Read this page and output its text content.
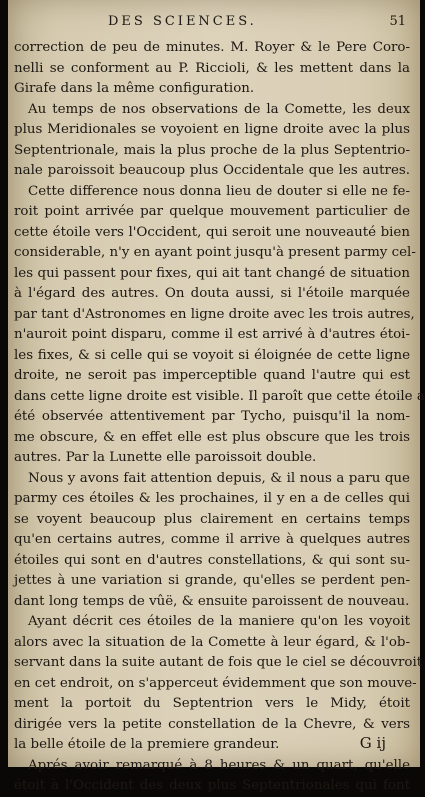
DES SCIENCES.	51
correction de peu de minutes. M. Royer & le Pere Coro-
nelli se conforment au P. Riccioli, & les mettent dans la
Girafe dans la même configuration.
Au temps de nos observations de la Comette, les deux
plus Meridionales se voyoient en ligne droite avec la plus
Septentrionale, mais la plus proche de la plus Septentrio-
nale paroissoit beaucoup plus Occidentale que les autres.
Cette difference nous donna lieu de douter si elle ne fe-
roit point arrivée par quelque mouvement particulier de
cette étoile vers l'Occident, qui seroit une nouveauté bien
considerable, n'y en ayant point jusqu'à present parmy cel-
les qui passent pour fixes, qui ait tant changé de situation
à l'égard des autres. On douta aussi, si l'étoile marquée
par tant d'Astronomes en ligne droite avec les trois autres,
n'auroit point disparu, comme il est arrivé à d'autres étoi-
les fixes, & si celle qui se voyoit si éloignée de cette ligne
droite, ne seroit pas imperceptible quand l'autre qui est
dans cette ligne droite est visible. Il paroît que cette étoile a
été observée attentivement par Tycho, puisqu'il la nom-
me obscure, & en effet elle est plus obscure que les trois
autres. Par la Lunette elle paroissoit double.
Nous y avons fait attention depuis, & il nous a paru que
parmy ces étoiles & les prochaines, il y en a de celles qui
se voyent beaucoup plus clairement en certains temps
qu'en certains autres, comme il arrive à quelques autres
étoiles qui sont en d'autres constellations, & qui sont su-
jettes à une variation si grande, qu'elles se perdent pen-
dant long temps de vûë, & ensuite paroissent de nouveau.
Ayant décrit ces étoiles de la maniere qu'on les voyoit
alors avec la situation de la Comette à leur égard, & l'ob-
servant dans la suite autant de fois que le ciel se découvroit
en cet endroit, on s'apperceut évidemment que son mouve-
ment la portoit du Septentrion vers le Midy, étoit
dirigée vers la petite constellation de la Chevre, & vers
la belle étoile de la premiere grandeur.
Aprés avoir remarqué à 8 heures & un quart, qu'elle
étoit à l'Occident des deux plus Septentrionales qui font
G ij
